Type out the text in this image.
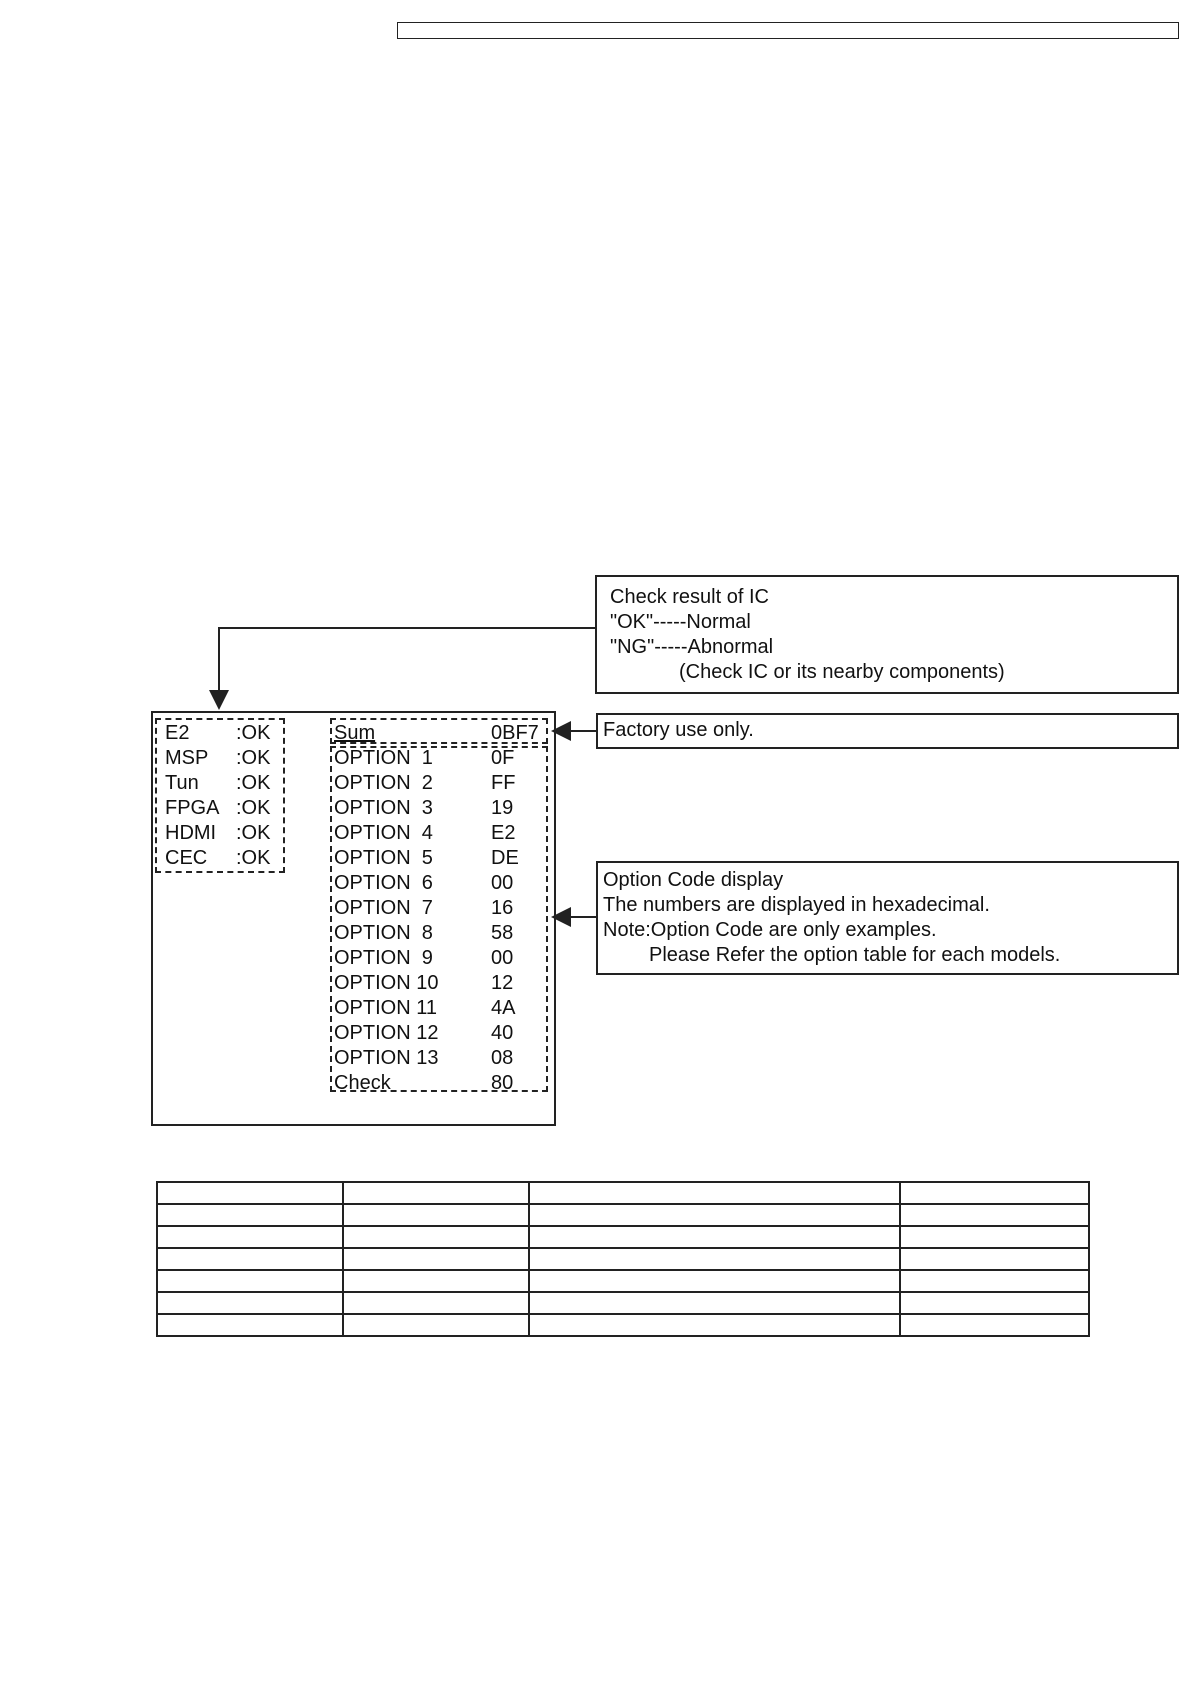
E2 :OK
MSP :OK
Tun :OK
FPGA :OK
HDMI :OK
CEC :OK
Sum	0BF7
OPTION  1	0F
OPTION  2	FF
OPTION  3	19
OPTION  4	E2
OPTION  5	DE
OPTION  6	00
OPTION  7	16
OPTION  8	58
OPTION  9	00
OPTION 10	12
OPTION 11	4A
OPTION 12	40
OPTION 13	08
Check	80
Check result of IC
"OK"-----Normal
"NG"-----Abnormal
(Check IC or its nearby components)
Factory use only.
Option Code display
The numbers are displayed in hexadecimal.
Note:Option Code are only examples.
Please Refer the option table for each models.
